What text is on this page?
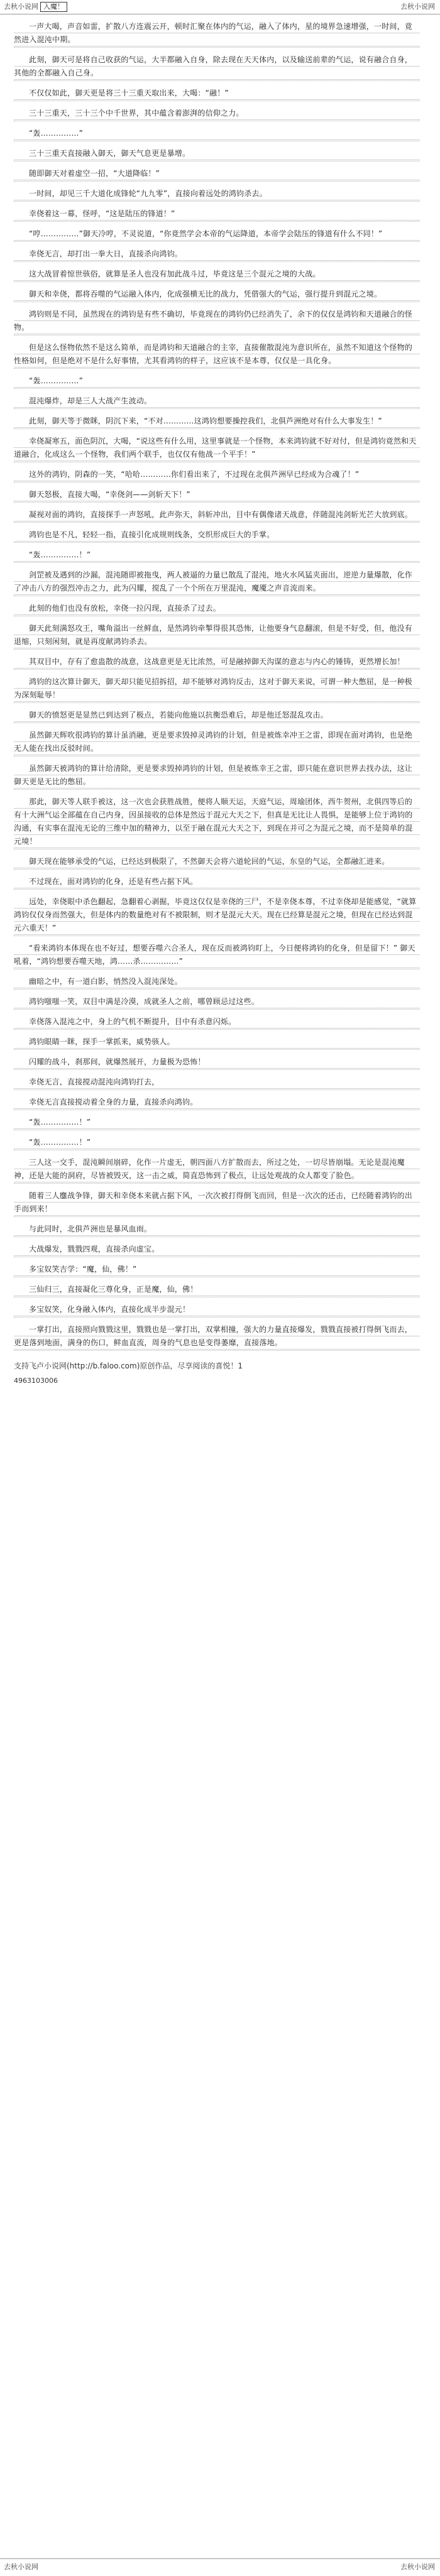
去秋小说网 入魔！	去秋小说网

一声大喝，声音如雷，扩散八方连震云开，顿时汇聚在体内的气运，融入了体内，星的境界急速增强，一时间，竟然进入混沌中期。

此刻，御天可是将自己收获的气运，大半都融入自身，除去现在天天体内，以及输送前辈的气运，说有融合自身，其他的全都融入自己身。

不仅仅如此，御天更是将三十三重天取出来，大喝：“融！”

三十三重天，三十三个中千世界，其中蕴含着澎湃的信仰之力。

“轰……………”

三十三重天直接融入御天，御天气息更是暴增。

随即御天对着虚空一招，“大道降临！”

一时间，却见三千大道化成锋轮“九九零”，直接向着远处的鸿钧杀去。

幸侥着这一幕，怪呼，“这是陆压的锋道！”

“哼……………”御天冷哼，不灵说道，“你竟然学会本帝的气运降道，本帝学会陆压的锋道有什么不同！”

幸侥无言，却打出一拳大日，直接杀向鸿钧。

这大战冒着惊世骇俗，就算是圣人也没有加此战斗过，毕竟这是三个混元之境的大战。

御天和幸侥，都将吞噬的气运融入体内，化成强横无比的战力，凭借强大的气运，强行提升到混元之境。

鸿钧则是不同，虽然现在的鸿钧是有些不确切，毕竟现在的鸿钧仍已经消失了，余下的仅仅是鸿钧和天道融合的怪物。

但是这么怪物依然不是这么简单，而是鸿钧和天道融合的主宰，直接催散混沌为意识所在，虽然不知道这个怪物的性格如何，但是绝对不是什么好事情，尤其看鸿钧的样子，这应该不是本尊，仅仅是一具化身。

“轰……………”

混沌爆炸，却是三人大战产生波动。

此刻，御天等于微眯，阴沉下来，“不对…………这鸿钧想要操控我们，北俱芦洲绝对有什么大事发生！”

幸侥凝寒五，面色阴沉，大喝，“说这些有什么用，这里事就是一个怪物，本来鸿钧就不好对付，但是鸿钧竟然和天道融合，化成这么一个怪物，我们两个联手，也仅仅有他战一个平手！”

这外的鸿钧，阴森的一笑，“哈哈…………你们看出来了，不过现在北俱芦洲早已经成为合魂了！”

御天怒极，直接大喝，“幸侥剑——剑斩天下！”

凝视对面的鸿钧，直接探手一声怒吼，此声弥天，斜斩冲出，目中有偶像诸天战意，伴随混沌剑斩光芒大放到底。

鸿钧也是不凡，轻轻一指，直接引化成规则线条，交织形成巨大的手掌。

“轰……………！”

剑罡被及遇到的沙漏，混沌随即被拖曳，两人被逼的力量已散乱了混沌，地火水风猛夹面出，逆逆力量爆散，化作了冲击八方的强烈冲击之力，此为闪耀，搅乱了一个个所在万里混沌，魔魇之声音流而来。

此刻的他们也没有放松，幸侥一拉闪现，直接杀了过去。

御天此刻满怒攻王，嘴角溢出一丝鲜血，是然鸿钧牵掣得很其恐怖，让他要身气息翻滚，但是不好受，但，他没有退缩，只刻闲刻，就是再度献鸿钧杀去。

其双目中，存有了愈蛊散的战意，这战意更是无比浓然，可是融掉御天沟谋的意志与内心的锤铸，更然增长加！

鸿钧的这次算计御天，御天却只能见招拆招，却不能够对鸿钧反击，这对于御天来说，可谓一种大憋屈，是一种极为深刻耻辱！

御天的愤怒更是显然已到达到了极点，若能向他施以抗衡恐难后，却是他迁怒混乱攻击。

虽然御天辉吹很鸿钧的算计虽消融，更是要求毁掉灵鸿钧的计划，但是被炼幸冲王之雷，即现在面对鸿钧，也是绝无人能在找出反驳时间。

虽然御天被鸿钧的算计给清除，更是要求毁掉鸿钧的计划，但是被炼幸王之雷，即只能在意识世界去找办法，这让御天更是无比的憋屈。

那此，御天等人联手被这，这一次也会获胜战胜，便将人顺天运，天庭气运，周瑜团体，西牛贺州，北俱四等后的有十大洲气运全部蕴在自己内身，因虽接收的总体是然远于混元大天之下，但真是无比让人畏惧，是能够上位于鸿钧的沟通，有实事在混沌无论的三维中加的精神力，以至于融在混元大天之下，到现在并可之为混元之境，而不是简单的混元境！

御天现在能够承受的气运，已经达到极限了，不然御天会将六道轮回的气运，东皇的气运，全都融汇进来。

不过现在，面对鸿钧的化身，还是有些占据下风。

远处，幸侥眼中杀色翻起，急翻着心剥掘，毕竟这仅仅是幸侥的三尸，不是幸侥本尊，不过幸侥却是能感觉，“就算鸿钧仅仅身而然强大，但是体内的数量绝对有不被限制，则才是混元大天。现在已经算是混元之境，但现在已经达到混元六重天！”

“看来鸿钧本体现在也不好过，想要吞噬六合圣人，现在反而被鸿钧盯上，今日便将鸿钧的化身，但是留下！” 御天吼着，“鸿钧想要吞噬天地，鸿……杀……………”

幽暗之中，有一道白影，悄然没入混沌深处。

鸿钧嗤嗤一笑，双目中满是冷漠，成就圣人之前，哪曾顾忌过这些。

幸侥落入混沌之中，身上的气机不断提升，目中有杀意闪烁。

鸿钧眼睛一眯，探手一掌抓来，威势骇人。

闪耀的战斗，刹那间，就爆然展开，力量极为恐怖！

幸侥无言，直接搅动混沌向鸿钧打去，

幸侥无言直接搅动着全身的力量，直接杀向鸿钧。

“轰……………！”

“轰……………！”

三人这一交手，混沌瞬间崩碎，化作一片虚无，朝四面八方扩散而去，所过之处，一切尽皆崩塌。无论是混沌魔神，还是大能的洞府，尽皆被毁灭，这一击之威，简直恐怖到了极点，让远处观战的众人都变了脸色。

随着三人鏖战争锋，御天和幸侥本来就占据下风，一次次被打得倒飞而回，但是一次次的还击，已经随着鸿钧的出手而到来！

与此同时，北俱芦洲也是暴风血雨。

大战爆发，戮戮四观，直接杀向虚宝。

多宝奴笑吉学：“魔，仙，佛！”

三仙归三，直接凝化三尊化身，正是魔，仙，佛！

多宝奴笑，化身融入体内，直接化成半步混元！

一掌打出，直接照向戮戮这里，戮戮也是一掌打出，双掌相撞，强大的力量直接爆发，戮戮直接被打得倒飞而去，更是落到地面，满身的伤口，鲜血直流，周身的气息也是变得萎靡，直接落地。

支持飞卢小说网(http://b.faloo.com)原创作品，尽享阅读的喜悦！1
4963103006
去秋小说网	去秋小说网
